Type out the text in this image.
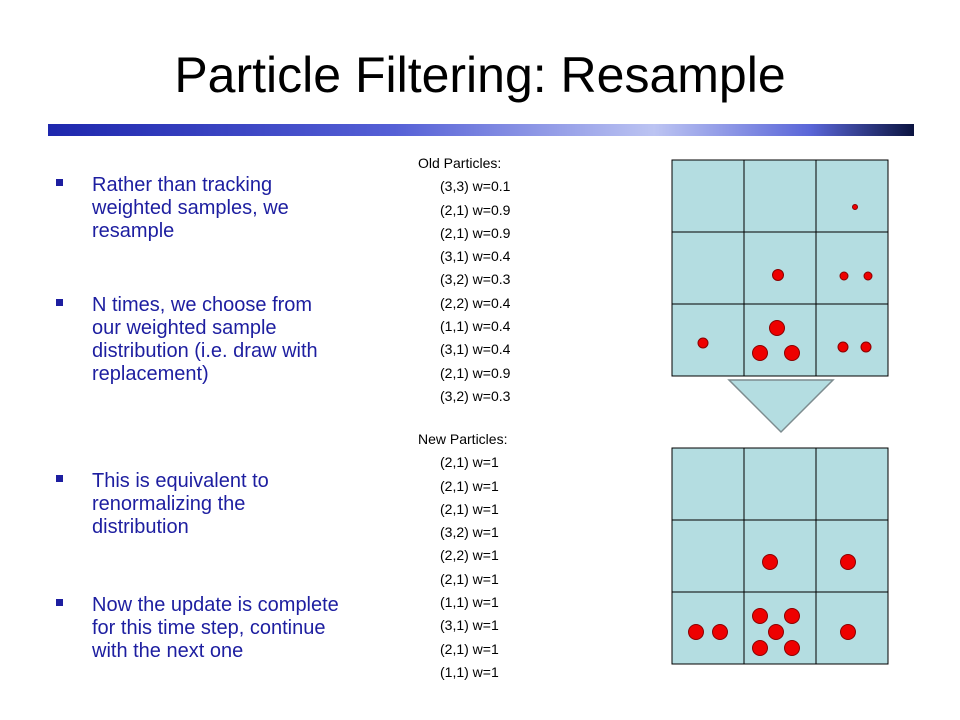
Particle Filtering: Resample
Rather than tracking weighted samples, we resample
N times, we choose from our weighted sample distribution (i.e. draw with replacement)
This is equivalent to renormalizing the distribution
Now the update is complete for this time step, continue with the next one
Old Particles:
(3,3) w=0.1
(2,1) w=0.9
(2,1) w=0.9
(3,1) w=0.4
(3,2) w=0.3
(2,2) w=0.4
(1,1) w=0.4
(3,1) w=0.4
(2,1) w=0.9
(3,2) w=0.3
New Particles:
(2,1) w=1
(2,1) w=1
(2,1) w=1
(3,2) w=1
(2,2) w=1
(2,1) w=1
(1,1) w=1
(3,1) w=1
(2,1) w=1
(1,1) w=1
